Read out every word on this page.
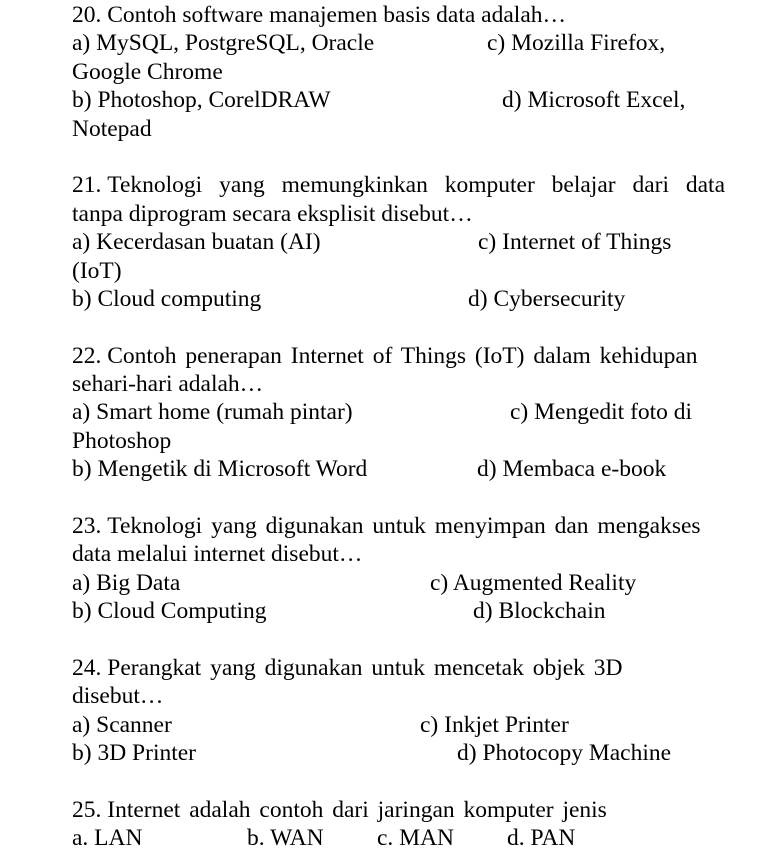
20. Contoh software manajemen basis data adalah…
a) MySQL, PostgreSQL, Oracle	c) Mozilla Firefox,
Google Chrome
b) Photoshop, CorelDRAW	d) Microsoft Excel,
Notepad
21. Teknologi yang memungkinkan komputer belajar dari data
tanpa diprogram secara eksplisit disebut…
a) Kecerdasan buatan (AI)	c) Internet of Things
(IoT)
b) Cloud computing	d) Cybersecurity
22. Contoh penerapan Internet of Things (IoT) dalam kehidupan
sehari-hari adalah…
a) Smart home (rumah pintar)	c) Mengedit foto di
Photoshop
b) Mengetik di Microsoft Word	d) Membaca e-book
23. Teknologi yang digunakan untuk menyimpan dan mengakses
data melalui internet disebut…
a) Big Data	c) Augmented Reality
b) Cloud Computing	d) Blockchain
24. Perangkat yang digunakan untuk mencetak objek 3D
disebut…
a) Scanner	c) Inkjet Printer
b) 3D Printer	d) Photocopy Machine
25. Internet adalah contoh dari jaringan komputer jenis
a. LAN	b. WAN c. MAN d. PAN
